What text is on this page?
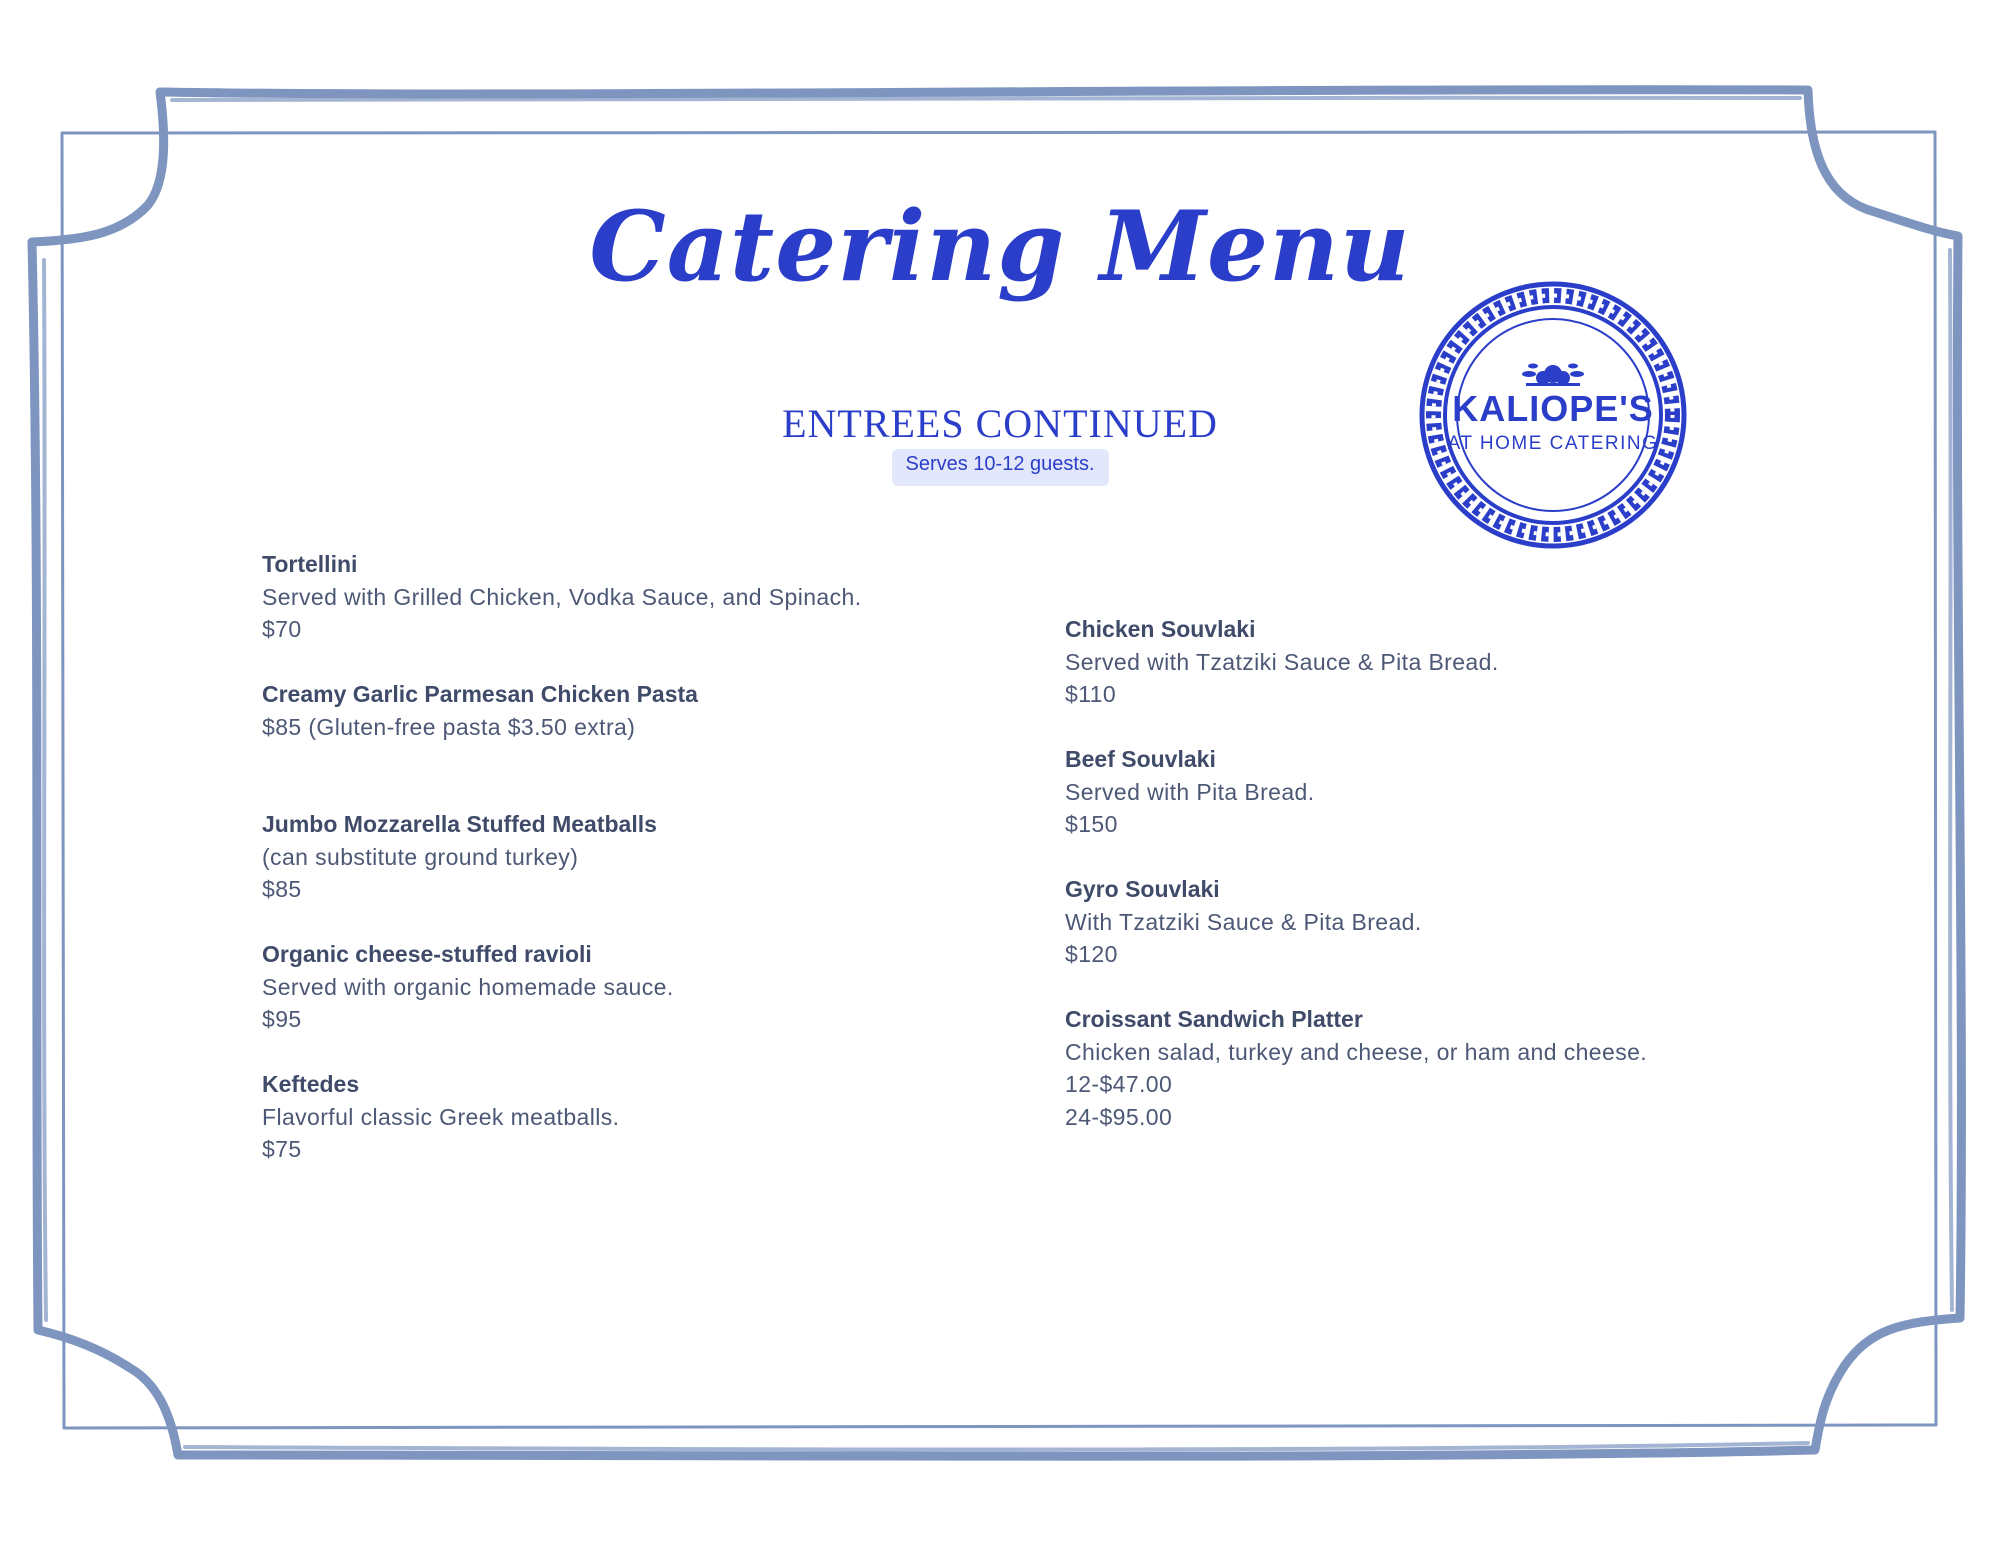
Catering Menu
ENTREES CONTINUED
Serves 10-12 guests.
KALIOPE'S
AT HOME CATERING
Tortellini
Served with Grilled Chicken, Vodka Sauce, and Spinach.
$70
Creamy Garlic Parmesan Chicken Pasta
$85 (Gluten-free pasta $3.50 extra)
Jumbo Mozzarella Stuffed Meatballs
(can substitute ground turkey)
$85
Organic cheese-stuffed ravioli
Served with organic homemade sauce.
$95
Keftedes
Flavorful classic Greek meatballs.
$75
Chicken Souvlaki
Served with Tzatziki Sauce & Pita Bread.
$110
Beef Souvlaki
Served with Pita Bread.
$150
Gyro Souvlaki
With Tzatziki Sauce & Pita Bread.
$120
Croissant Sandwich Platter
Chicken salad, turkey and cheese, or ham and cheese.
12-$47.00
24-$95.00
